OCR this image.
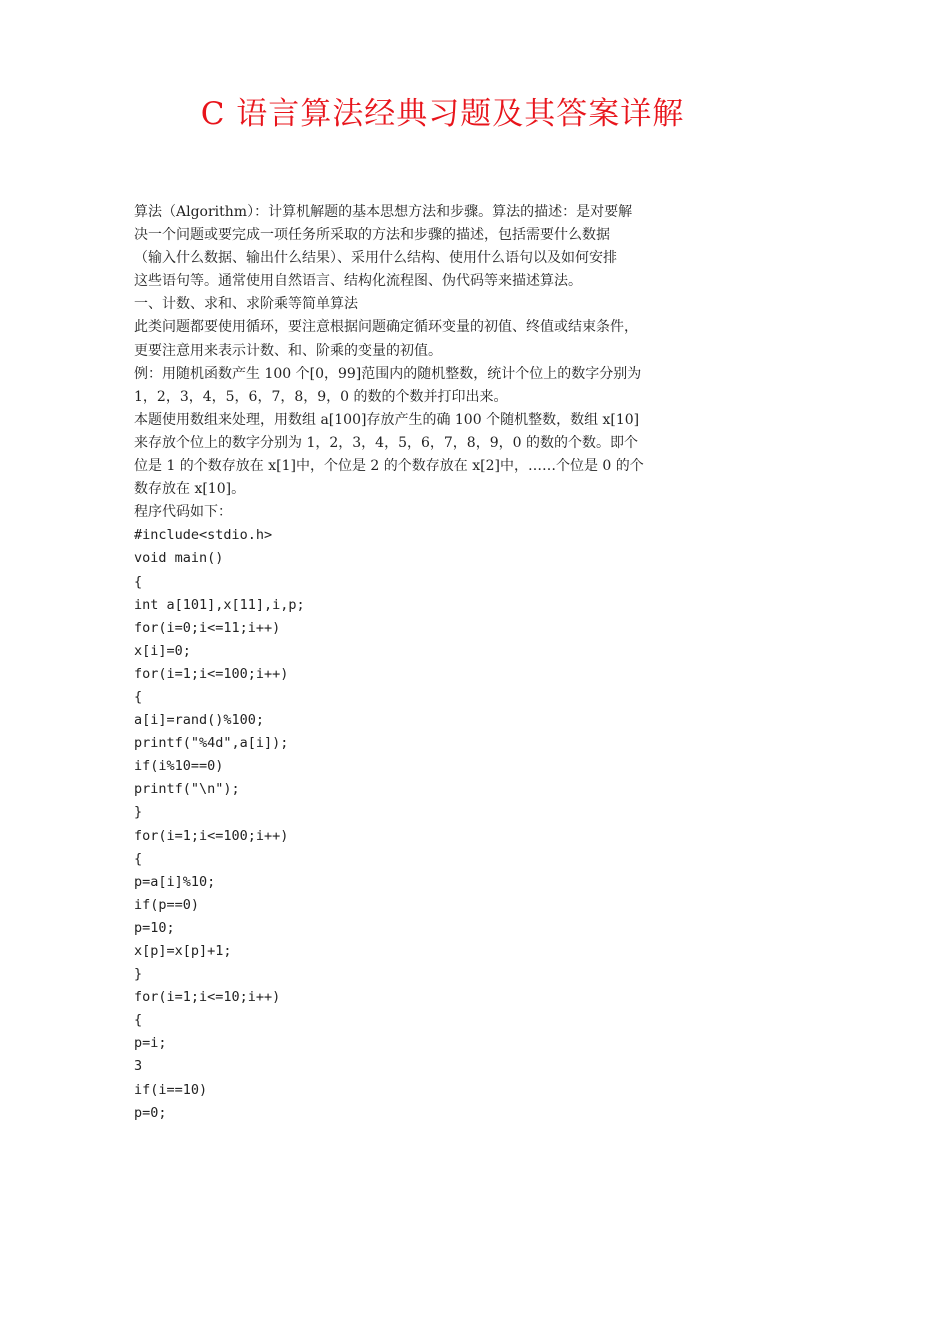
C 语言算法经典习题及其答案详解
算法（Algorithm）：计算机解题的基本思想方法和步骤。算法的描述：是对要解
决一个问题或要完成一项任务所采取的方法和步骤的描述，包括需要什么数据
（输入什么数据、输出什么结果）、采用什么结构、使用什么语句以及如何安排
这些语句等。通常使用自然语言、结构化流程图、伪代码等来描述算法。
一、计数、求和、求阶乘等简单算法
此类问题都要使用循环，要注意根据问题确定循环变量的初值、终值或结束条件，
更要注意用来表示计数、和、阶乘的变量的初值。
例：用随机函数产生 100 个[0，99]范围内的随机整数，统计个位上的数字分别为
1，2，3，4，5，6，7，8，9，0 的数的个数并打印出来。
本题使用数组来处理，用数组 a[100]存放产生的确 100 个随机整数，数组 x[10]
来存放个位上的数字分别为 1，2，3，4，5，6，7，8，9，0 的数的个数。即个
位是 1 的个数存放在 x[1]中，个位是 2 的个数存放在 x[2]中，……个位是 0 的个
数存放在 x[10]。
程序代码如下：
#include<stdio.h>
void main()
{
int a[101],x[11],i,p;
for(i=0;i<=11;i++)
x[i]=0;
for(i=1;i<=100;i++)
{
a[i]=rand()%100;
printf("%4d",a[i]);
if(i%10==0)
printf("\n");
}
for(i=1;i<=100;i++)
{
p=a[i]%10;
if(p==0)
p=10;
x[p]=x[p]+1;
}
for(i=1;i<=10;i++)
{
p=i;
3
if(i==10)
p=0;
